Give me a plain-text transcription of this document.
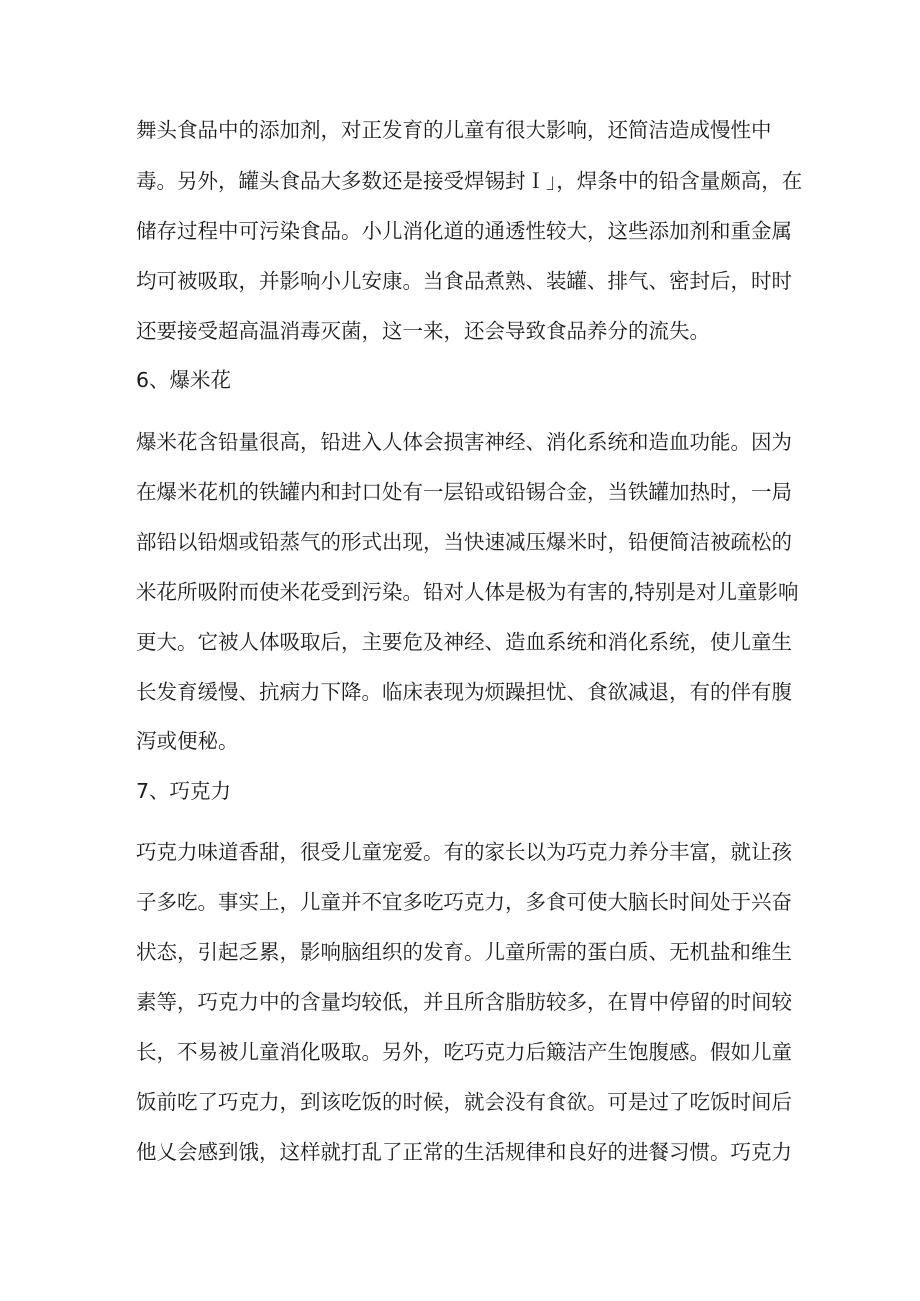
舞头食品中的添加剂，对正发育的儿童有很大影响，还简洁造成慢性中
毒。另外，罐头食品大多数还是接受焊锡封Ｉ」，焊条中的铅含量颇高，在
储存过程中可污染食品。小儿消化道的通透性较大，这些添加剂和重金属
均可被吸取，并影响小儿安康。当食品煮熟、装罐、排气、密封后，时时
还要接受超高温消毒灭菌，这一来，还会导致食品养分的流失。
6、爆米花
爆米花含铅量很高，铅进入人体会损害神经、消化系统和造血功能。因为
在爆米花机的铁罐内和封口处有一层铅或铅锡合金，当铁罐加热时，一局
部铅以铅烟或铅蒸气的形式出现，当快速减压爆米时，铅便简洁被疏松的
米花所吸附而使米花受到污染。铅对人体是极为有害的,特别是对儿童影响
更大。它被人体吸取后，主要危及神经、造血系统和消化系统，使儿童生
长发育缓慢、抗病力下降。临床表现为烦躁担忧、食欲减退，有的伴有腹
泻或便秘。
7、巧克力
巧克力味道香甜，很受儿童宠爱。有的家长以为巧克力养分丰富，就让孩
子多吃。事实上，儿童并不宜多吃巧克力，多食可使大脑长时间处于兴奋
状态，引起乏累，影响脑组织的发育。儿童所需的蛋白质、无机盐和维生
素等，巧克力中的含量均较低，并且所含脂肪较多，在胃中停留的时间较
长，不易被儿童消化吸取。另外，吃巧克力后簸洁产生饱腹感。假如儿童
饭前吃了巧克力，到该吃饭的时候，就会没有食欲。可是过了吃饭时间后
他乂会感到饿，这样就打乱了正常的生活规律和良好的进餐习惯。巧克力
